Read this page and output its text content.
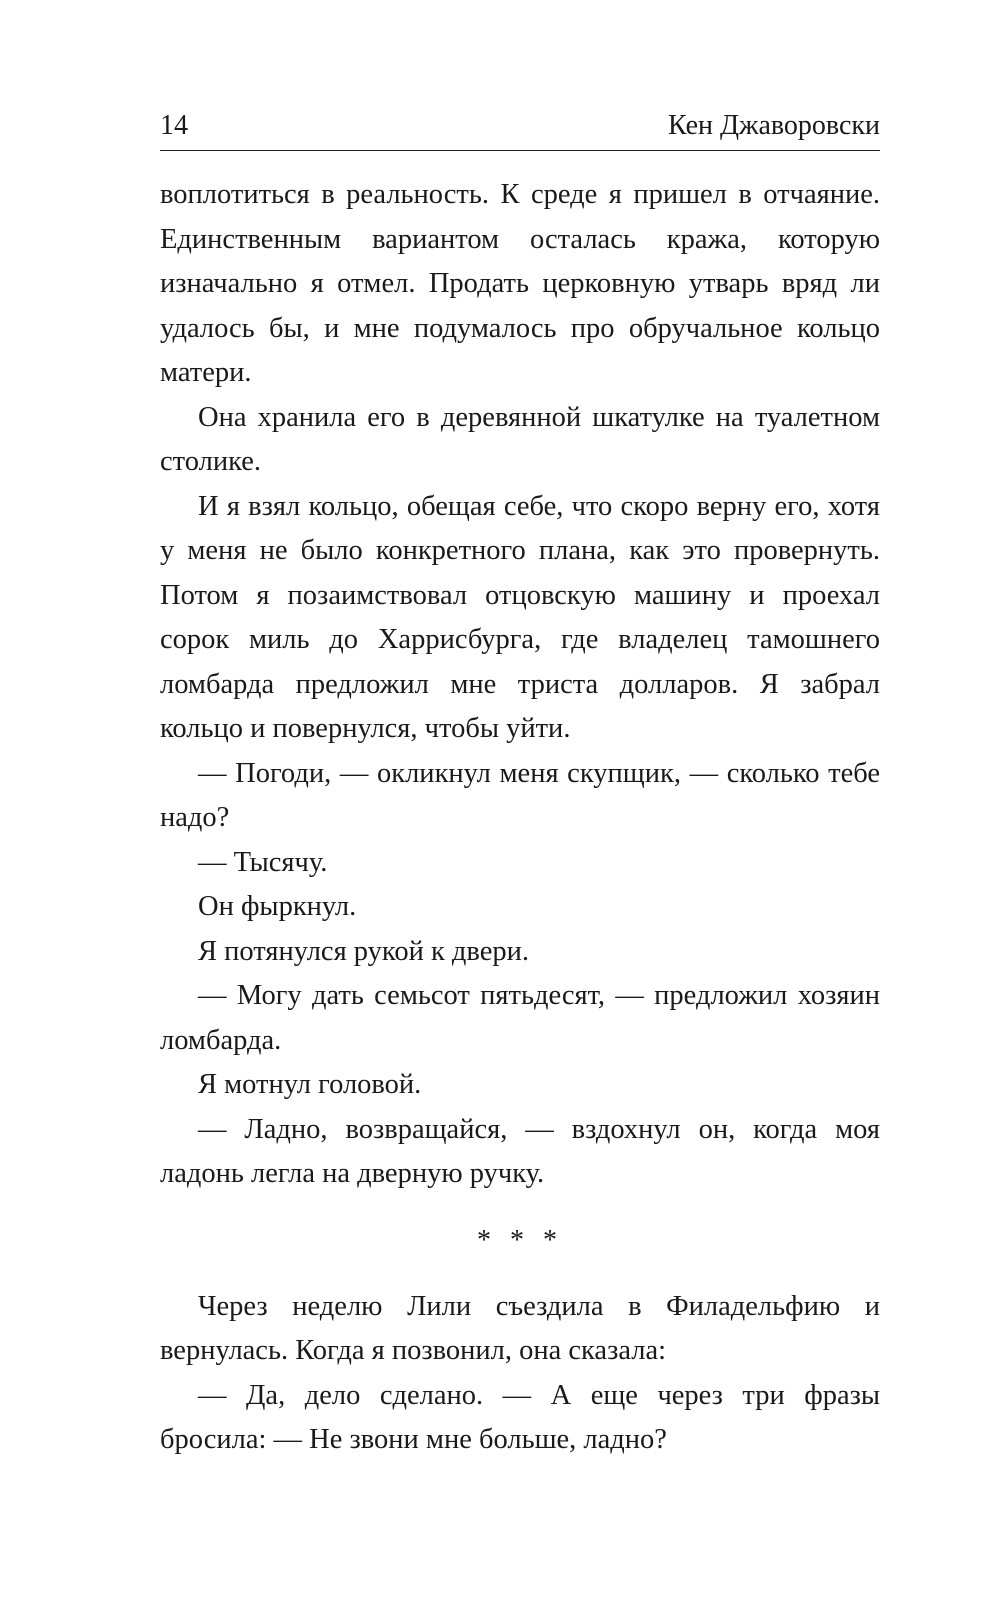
14	Кен Джаворовски

воплотиться в реальность. К среде я пришел в отчаяние. Единственным вариантом осталась кража, которую изначально я отмел. Продать церковную утварь вряд ли удалось бы, и мне подумалось про обручальное кольцо матери.

Она хранила его в деревянной шкатулке на туалетном столике.

И я взял кольцо, обещая себе, что скоро верну его, хотя у меня не было конкретного плана, как это провернуть. Потом я позаимствовал отцовскую машину и проехал сорок миль до Харрисбурга, где владелец тамошнего ломбарда предложил мне триста долларов. Я забрал кольцо и повернулся, чтобы уйти.

— Погоди, — окликнул меня скупщик, — сколько тебе надо?

— Тысячу.

Он фыркнул.

Я потянулся рукой к двери.

— Могу дать семьсот пятьдесят, — предложил хозяин ломбарда.

Я мотнул головой.

— Ладно, возвращайся, — вздохнул он, когда моя ладонь легла на дверную ручку.

* * *

Через неделю Лили съездила в Филадельфию и вернулась. Когда я позвонил, она сказала:

— Да, дело сделано. — А еще через три фразы бросила: — Не звони мне больше, ладно?
